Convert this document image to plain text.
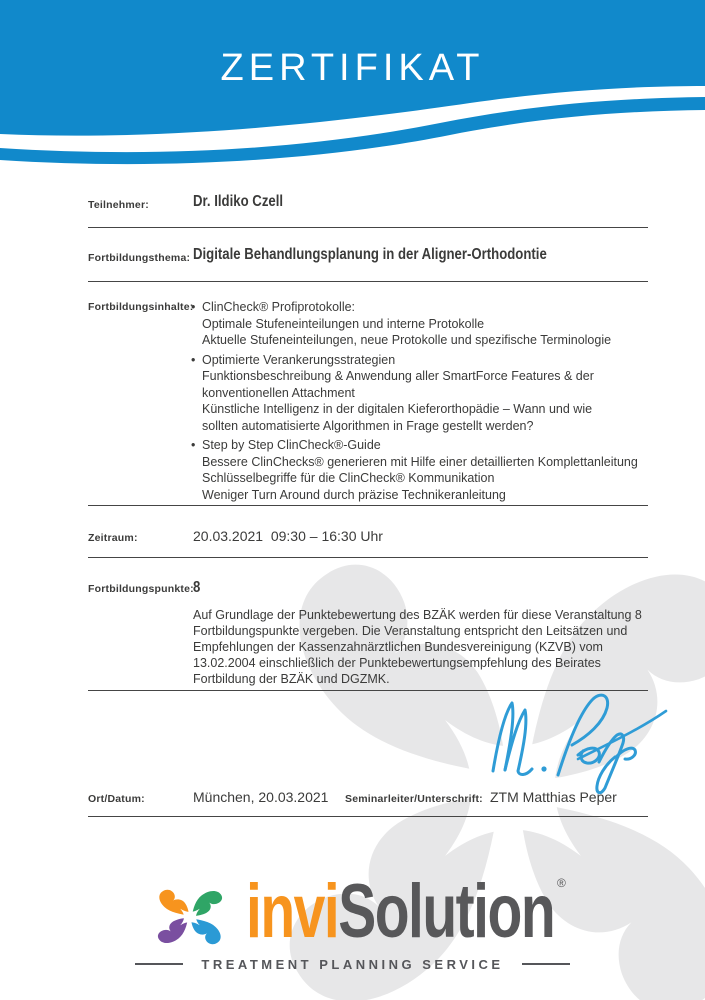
ZERTIFIKAT
Teilnehmer:	Dr. Ildiko Czell
Fortbildungsthema: Digitale Behandlungsplanung in der Aligner-Orthodontie
Fortbildungsinhalte: • ClinCheck® Profiprotokolle:
Optimale Stufeneinteilungen und interne Protokolle
Aktuelle Stufeneinteilungen, neue Protokolle und spezifische Terminologie
• Optimierte Verankerungsstrategien
Funktionsbeschreibung & Anwendung aller SmartForce Features & der
konventionellen Attachment
Künstliche Intelligenz in der digitalen Kieferorthopädie – Wann und wie
sollten automatisierte Algorithmen in Frage gestellt werden?
• Step by Step ClinCheck®-Guide
Bessere ClinChecks® generieren mit Hilfe einer detaillierten Komplettanleitung
Schlüsselbegriffe für die ClinCheck® Kommunikation
Weniger Turn Around durch präzise Technikeranleitung
Zeitraum:	20.03.2021  09:30 – 16:30 Uhr
Fortbildungspunkte: 8
Auf Grundlage der Punktebewertung des BZÄK werden für diese Veranstaltung 8 Fortbildungspunkte vergeben. Die Veranstaltung entspricht den Leitsätzen und Empfehlungen der Kassenzahnärztlichen Bundesvereinigung (KZVB) vom 13.02.2004 einschließlich der Punktebewertungsempfehlung des Beirates Fortbildung der BZÄK und DGZMK.
Ort/Datum:	München, 20.03.2021 Seminarleiter/Unterschrift: ZTM Matthias Peper
inviSolution ®
TREATMENT PLANNING SERVICE
